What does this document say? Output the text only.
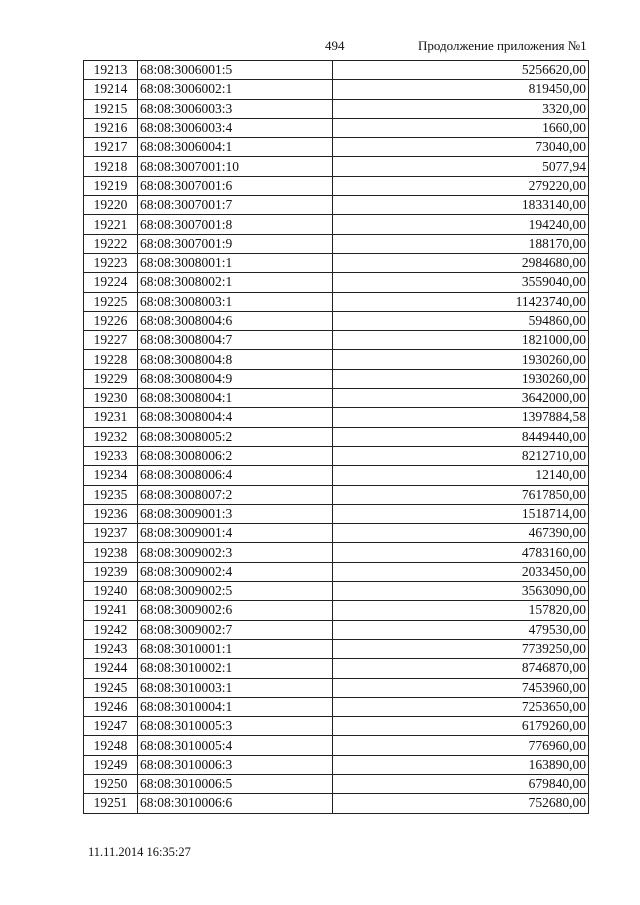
494	Продолжение приложения №1
19213	68:08:3006001:5	5256620,00
19214	68:08:3006002:1	819450,00
19215	68:08:3006003:3	3320,00
19216	68:08:3006003:4	1660,00
19217	68:08:3006004:1	73040,00
19218	68:08:3007001:10	5077,94
19219	68:08:3007001:6	279220,00
19220	68:08:3007001:7	1833140,00
19221	68:08:3007001:8	194240,00
19222	68:08:3007001:9	188170,00
19223	68:08:3008001:1	2984680,00
19224	68:08:3008002:1	3559040,00
19225	68:08:3008003:1	11423740,00
19226	68:08:3008004:6	594860,00
19227	68:08:3008004:7	1821000,00
19228	68:08:3008004:8	1930260,00
19229	68:08:3008004:9	1930260,00
19230	68:08:3008004:1	3642000,00
19231	68:08:3008004:4	1397884,58
19232	68:08:3008005:2	8449440,00
19233	68:08:3008006:2	8212710,00
19234	68:08:3008006:4	12140,00
19235	68:08:3008007:2	7617850,00
19236	68:08:3009001:3	1518714,00
19237	68:08:3009001:4	467390,00
19238	68:08:3009002:3	4783160,00
19239	68:08:3009002:4	2033450,00
19240	68:08:3009002:5	3563090,00
19241	68:08:3009002:6	157820,00
19242	68:08:3009002:7	479530,00
19243	68:08:3010001:1	7739250,00
19244	68:08:3010002:1	8746870,00
19245	68:08:3010003:1	7453960,00
19246	68:08:3010004:1	7253650,00
19247	68:08:3010005:3	6179260,00
19248	68:08:3010005:4	776960,00
19249	68:08:3010006:3	163890,00
19250	68:08:3010006:5	679840,00
19251	68:08:3010006:6	752680,00
11.11.2014 16:35:27
